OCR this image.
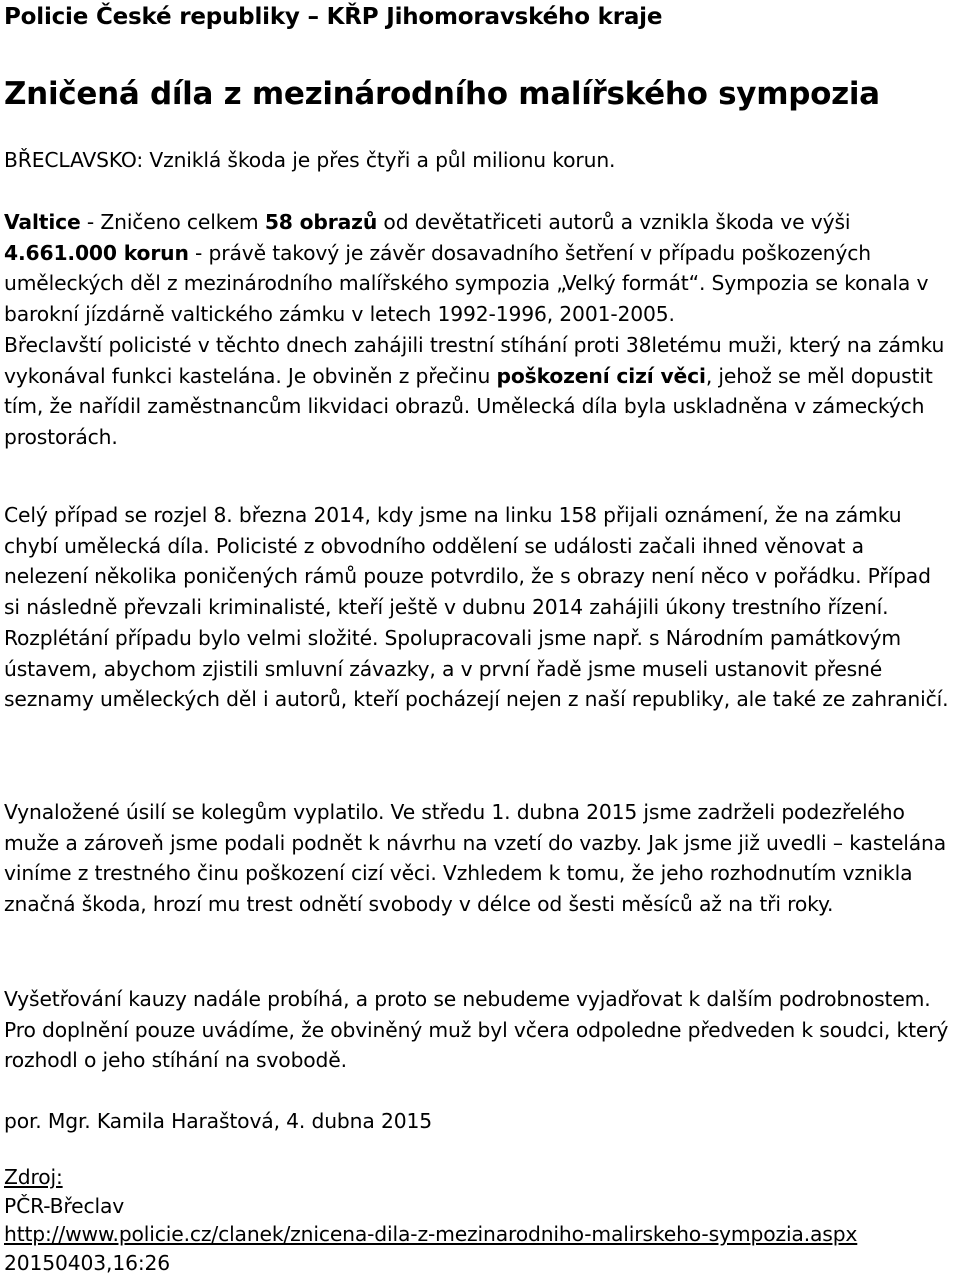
Policie České republiky – KŘP Jihomoravského kraje
Zničená díla z mezinárodního malířského sympozia

BŘECLAVSKO: Vzniklá škoda je přes čtyři a půl milionu korun.

Valtice - Zničeno celkem 58 obrazů od devětatřiceti autorů a vznikla škoda ve výši 4.661.000 korun - právě takový je závěr dosavadního šetření v případu poškozených uměleckých děl z mezinárodního malířského sympozia „Velký formát“. Sympozia se konala v barokní jízdárně valtického zámku v letech 1992-1996, 2001-2005.
Břeclavští policisté v těchto dnech zahájili trestní stíhání proti 38letému muži, který na zámku vykonával funkci kastelána. Je obviněn z přečinu poškození cizí věci, jehož se měl dopustit tím, že nařídil zaměstnancům likvidaci obrazů. Umělecká díla byla uskladněna v zámeckých prostorách.

Celý případ se rozjel 8. března 2014, kdy jsme na linku 158 přijali oznámení, že na zámku chybí umělecká díla. Policisté z obvodního oddělení se události začali ihned věnovat a nelezení několika poničených rámů pouze potvrdilo, že s obrazy není něco v pořádku. Případ si následně převzali kriminalisté, kteří ještě v dubnu 2014 zahájili úkony trestního řízení. Rozplétání případu bylo velmi složité. Spolupracovali jsme např. s Národním památkovým ústavem, abychom zjistili smluvní závazky, a v první řadě jsme museli ustanovit přesné seznamy uměleckých děl i autorů, kteří pocházejí nejen z naší republiky, ale také ze zahraničí.

Vynaložené úsilí se kolegům vyplatilo. Ve středu 1. dubna 2015 jsme zadrželi podezřelého muže a zároveň jsme podali podnět k návrhu na vzetí do vazby. Jak jsme již uvedli – kastelána viníme z trestného činu poškození cizí věci. Vzhledem k tomu, že jeho rozhodnutím vznikla značná škoda, hrozí mu trest odnětí svobody v délce od šesti měsíců až na tři roky.

Vyšetřování kauzy nadále probíhá, a proto se nebudeme vyjadřovat k dalším podrobnostem. Pro doplnění pouze uvádíme, že obviněný muž byl včera odpoledne předveden k soudci, který rozhodl o jeho stíhání na svobodě.

por. Mgr. Kamila Haraštová, 4. dubna 2015

Zdroj:
PČR-Břeclav
http://www.policie.cz/clanek/znicena-dila-z-mezinarodniho-malirskeho-sympozia.aspx
20150403,16:26
